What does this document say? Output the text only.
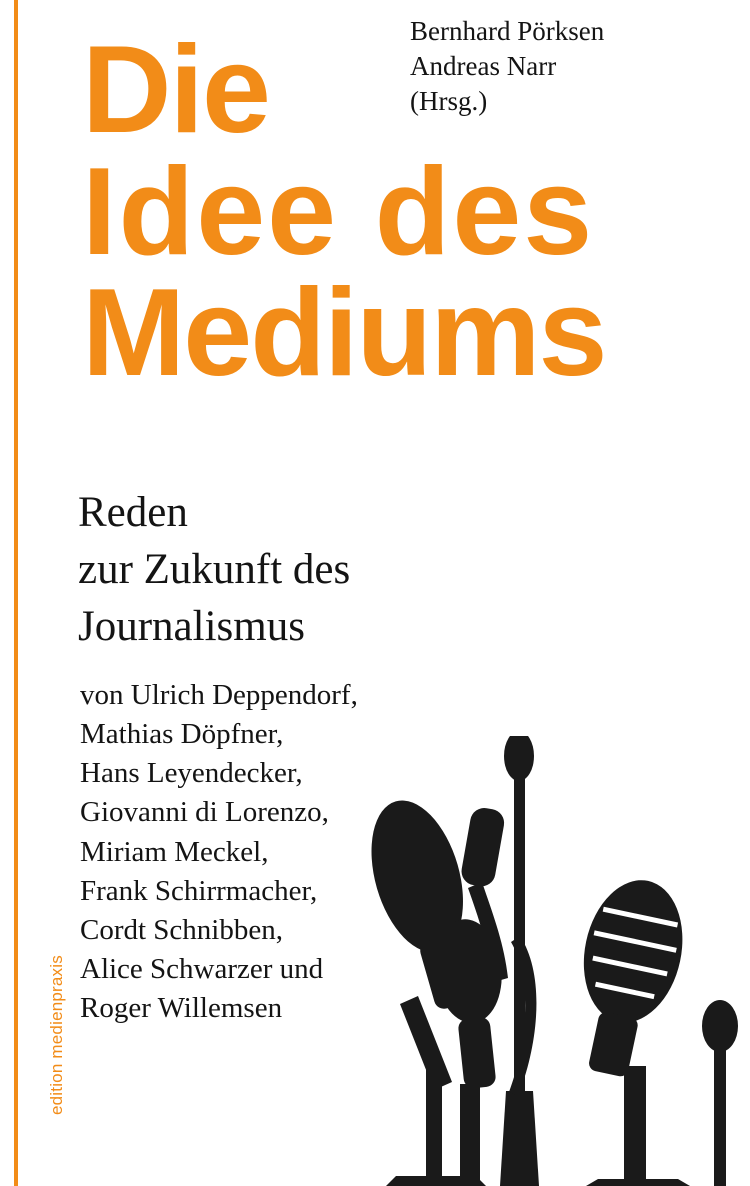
edition medienpraxis
Bernhard Pörksen
Andreas Narr
(Hrsg.)
Die
Idee des
Mediums
Reden
zur Zukunft des
Journalismus
von Ulrich Deppendorf,
Mathias Döpfner,
Hans Leyendecker,
Giovanni di Lorenzo,
Miriam Meckel,
Frank Schirrmacher,
Cordt Schnibben,
Alice Schwarzer und
Roger Willemsen
